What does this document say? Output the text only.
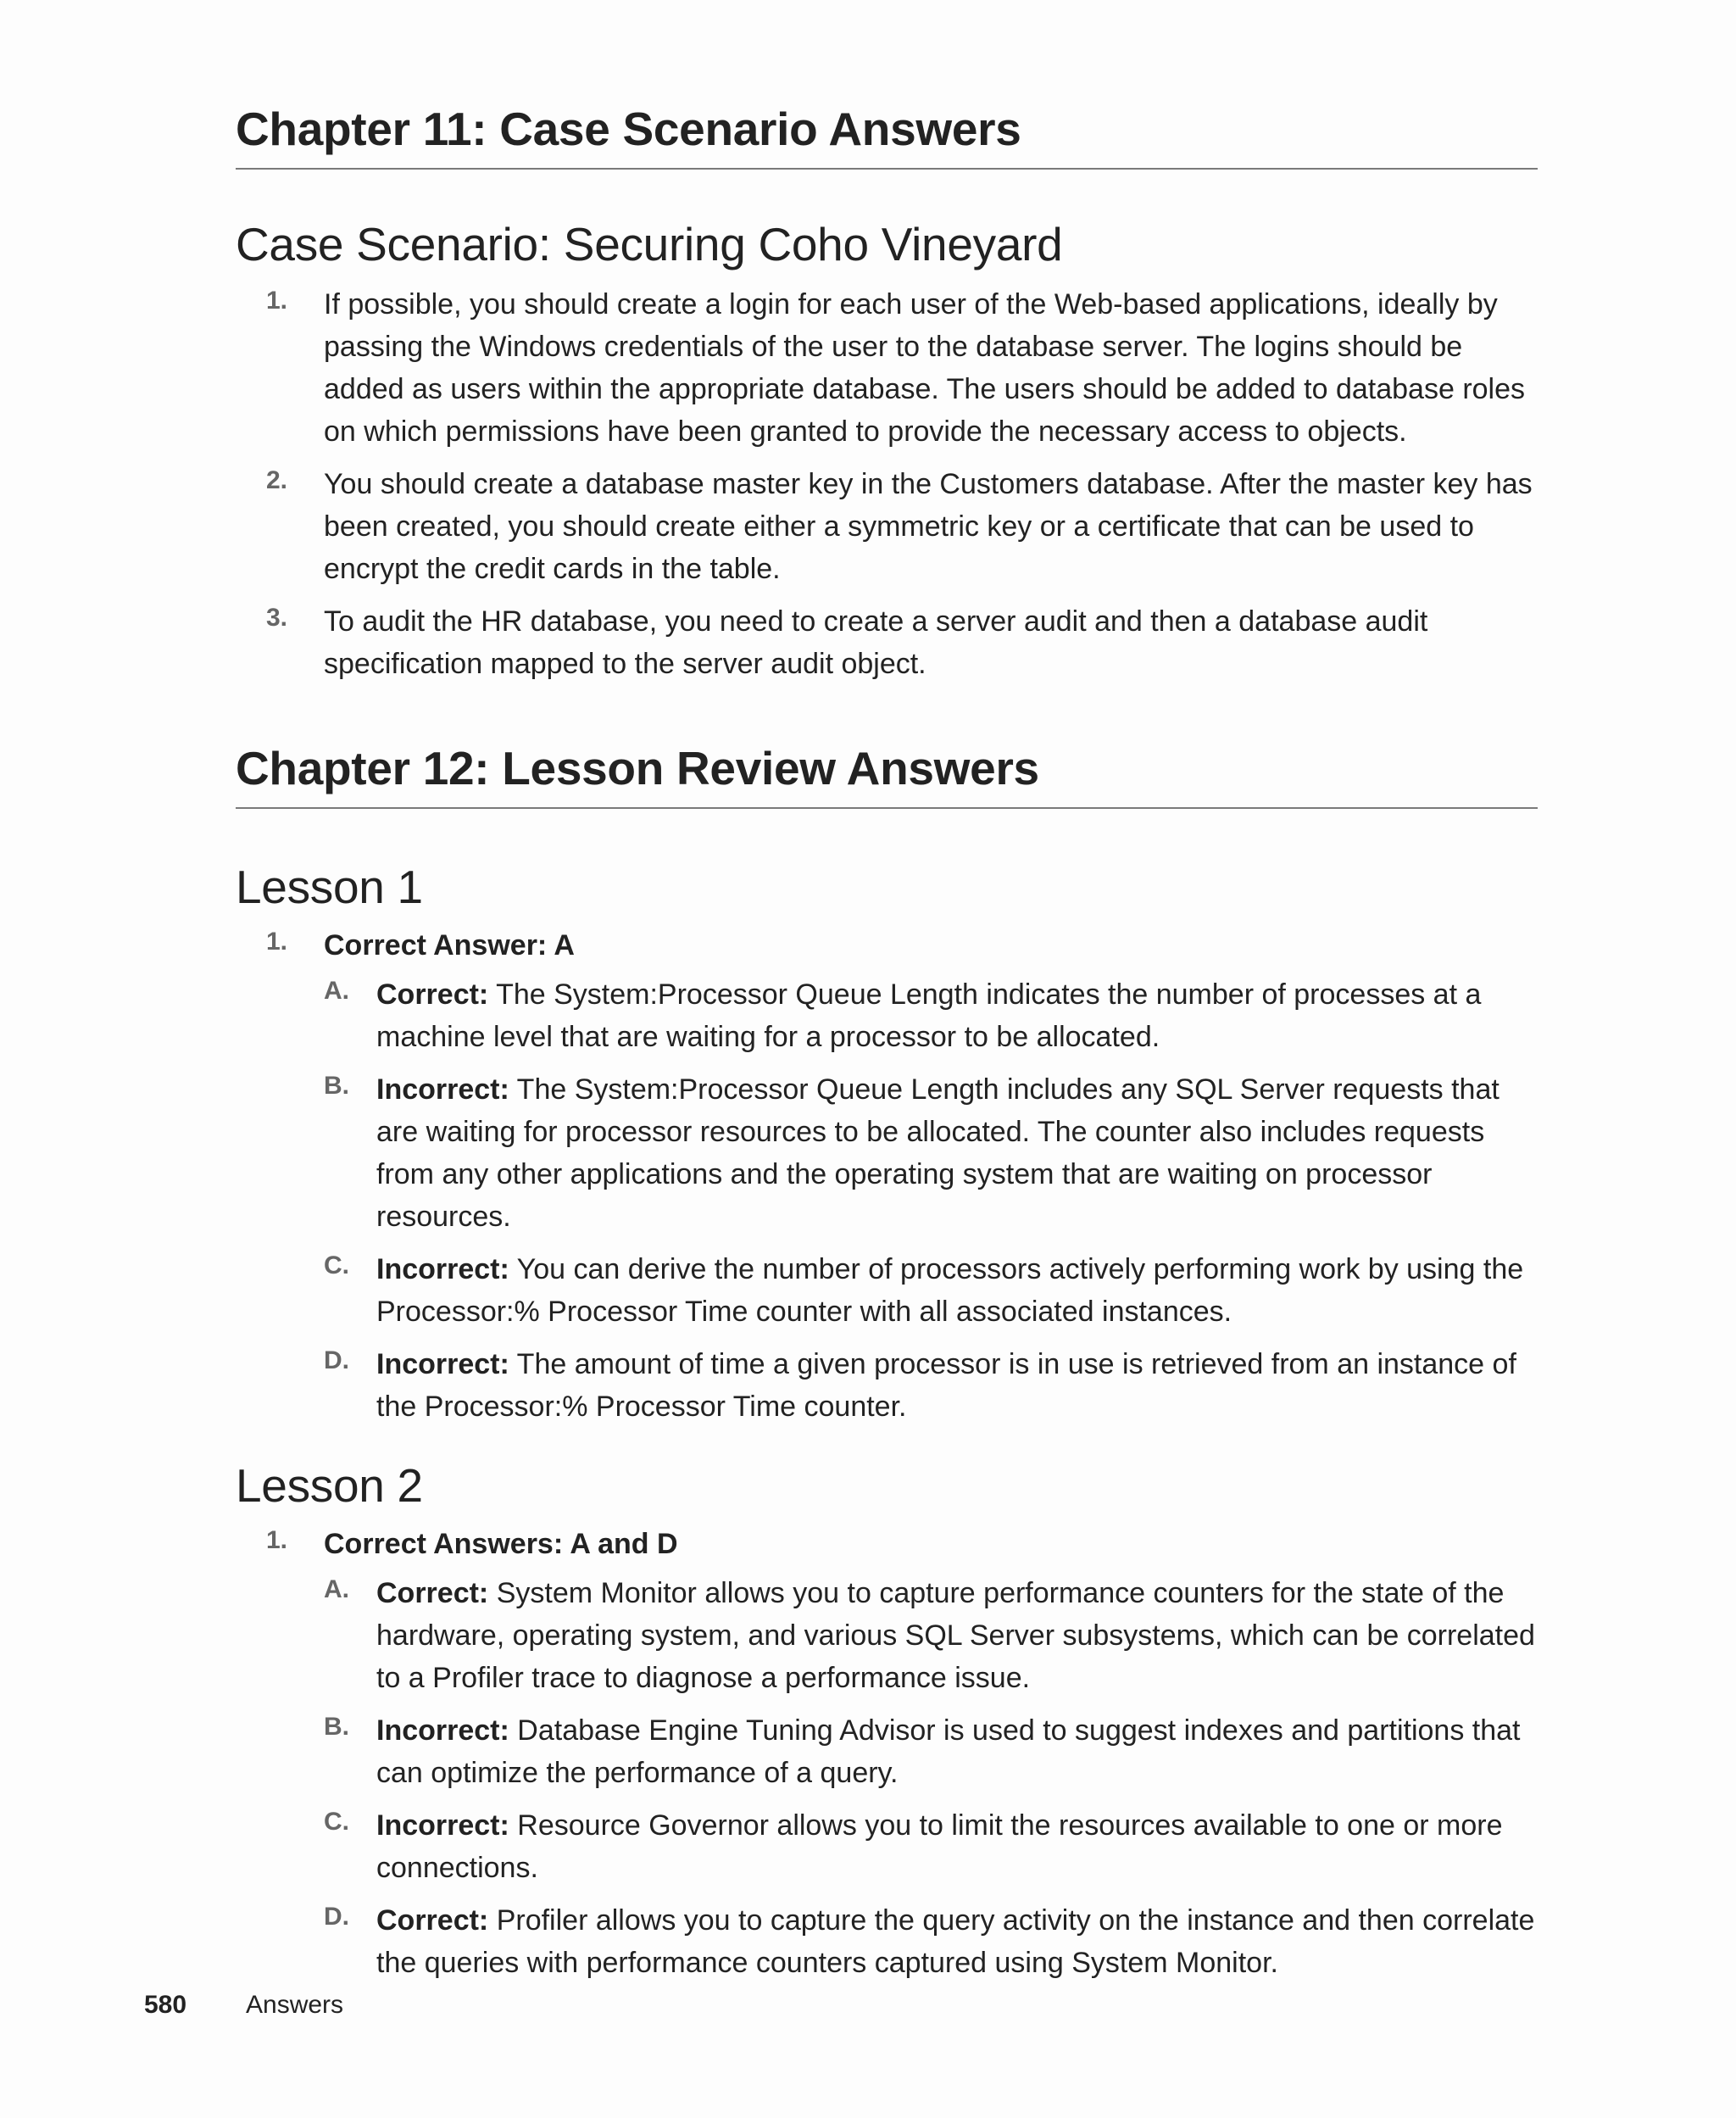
Chapter 11: Case Scenario Answers
Case Scenario: Securing Coho Vineyard
1. If possible, you should create a login for each user of the Web-based applications, ideally by passing the Windows credentials of the user to the database server. The logins should be added as users within the appropriate database. The users should be added to database roles on which permissions have been granted to provide the necessary access to objects.
2. You should create a database master key in the Customers database. After the master key has been created, you should create either a symmetric key or a certificate that can be used to encrypt the credit cards in the table.
3. To audit the HR database, you need to create a server audit and then a database audit specification mapped to the server audit object.
Chapter 12: Lesson Review Answers
Lesson 1
1. Correct Answer: A
A. Correct: The System:Processor Queue Length indicates the number of processes at a machine level that are waiting for a processor to be allocated.
B. Incorrect: The System:Processor Queue Length includes any SQL Server requests that are waiting for processor resources to be allocated. The counter also includes requests from any other applications and the operating system that are waiting on processor resources.
C. Incorrect: You can derive the number of processors actively performing work by using the Processor:% Processor Time counter with all associated instances.
D. Incorrect: The amount of time a given processor is in use is retrieved from an instance of the Processor:% Processor Time counter.
Lesson 2
1. Correct Answers: A and D
A. Correct: System Monitor allows you to capture performance counters for the state of the hardware, operating system, and various SQL Server subsystems, which can be correlated to a Profiler trace to diagnose a performance issue.
B. Incorrect: Database Engine Tuning Advisor is used to suggest indexes and partitions that can optimize the performance of a query.
C. Incorrect: Resource Governor allows you to limit the resources available to one or more connections.
D. Correct: Profiler allows you to capture the query activity on the instance and then correlate the queries with performance counters captured using System Monitor.
580 Answers
